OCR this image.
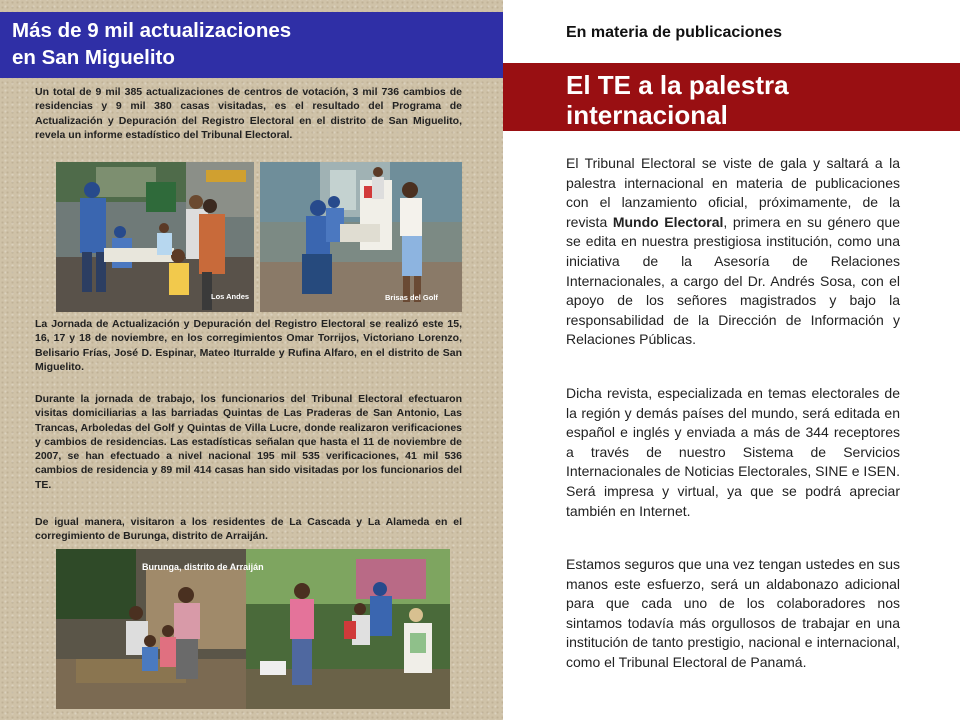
Más de 9 mil actualizaciones
en San Miguelito
Un total de 9 mil 385 actualizaciones de centros de votación, 3 mil 736 cambios de residencias y 9 mil 380 casas visitadas, es el resultado del Programa de Actualización y Depuración del Registro Electoral en el distrito de San Miguelito, revela un informe estadístico del Tribunal Electoral.
Los Andes	Brisas del Golf
La Jornada de Actualización y Depuración del Registro Electoral se realizó este 15, 16, 17 y 18 de noviembre, en los corregimientos Omar Torrijos, Victoriano Lorenzo, Belisario Frías, José D. Espinar, Mateo Iturralde y Rufina Alfaro, en el distrito de San Miguelito.
Durante la jornada de trabajo, los funcionarios del Tribunal Electoral efectuaron visitas domiciliarias a las barriadas Quintas de Las Praderas de San Antonio, Las Trancas, Arboledas del Golf y Quintas de Villa Lucre, donde realizaron verificaciones y cambios de residencias. Las estadísticas señalan que hasta el 11 de noviembre de 2007, se han efectuado a nivel nacional 195 mil 535 verificaciones, 41 mil 536 cambios de residencia y 89 mil 414 casas han sido visitadas por los funcionarios del TE.
De igual manera, visitaron a los residentes de La Cascada y La Alameda en el corregimiento de Burunga, distrito de Arraiján.
Burunga, distrito de Arraiján
En materia de publicaciones
El TE a la palestra
internacional
El Tribunal Electoral se viste de gala y saltará a la palestra internacional en materia de publicaciones con el lanzamiento oficial, próximamente, de la revista Mundo Electoral, primera en su género que se edita en nuestra prestigiosa institución, como una iniciativa de la Asesoría de Relaciones Internacionales, a cargo del Dr. Andrés Sosa, con el apoyo de los señores magistrados y bajo la responsabilidad de la Dirección de Información y Relaciones Públicas.
Dicha revista, especializada en temas electorales de la región y demás países del mundo, será editada en español e inglés y enviada a más de 344 receptores a través de nuestro Sistema de Servicios Internacionales de Noticias Electorales, SINE e ISEN. Será impresa y virtual, ya que se podrá apreciar también en Internet.
Estamos seguros que una vez tengan ustedes en sus manos este esfuerzo, será un aldabonazo adicional para que cada uno de los colaboradores nos sintamos todavía más orgullosos de trabajar en una institución de tanto prestigio, nacional e internacional, como el Tribunal Electoral de Panamá.
